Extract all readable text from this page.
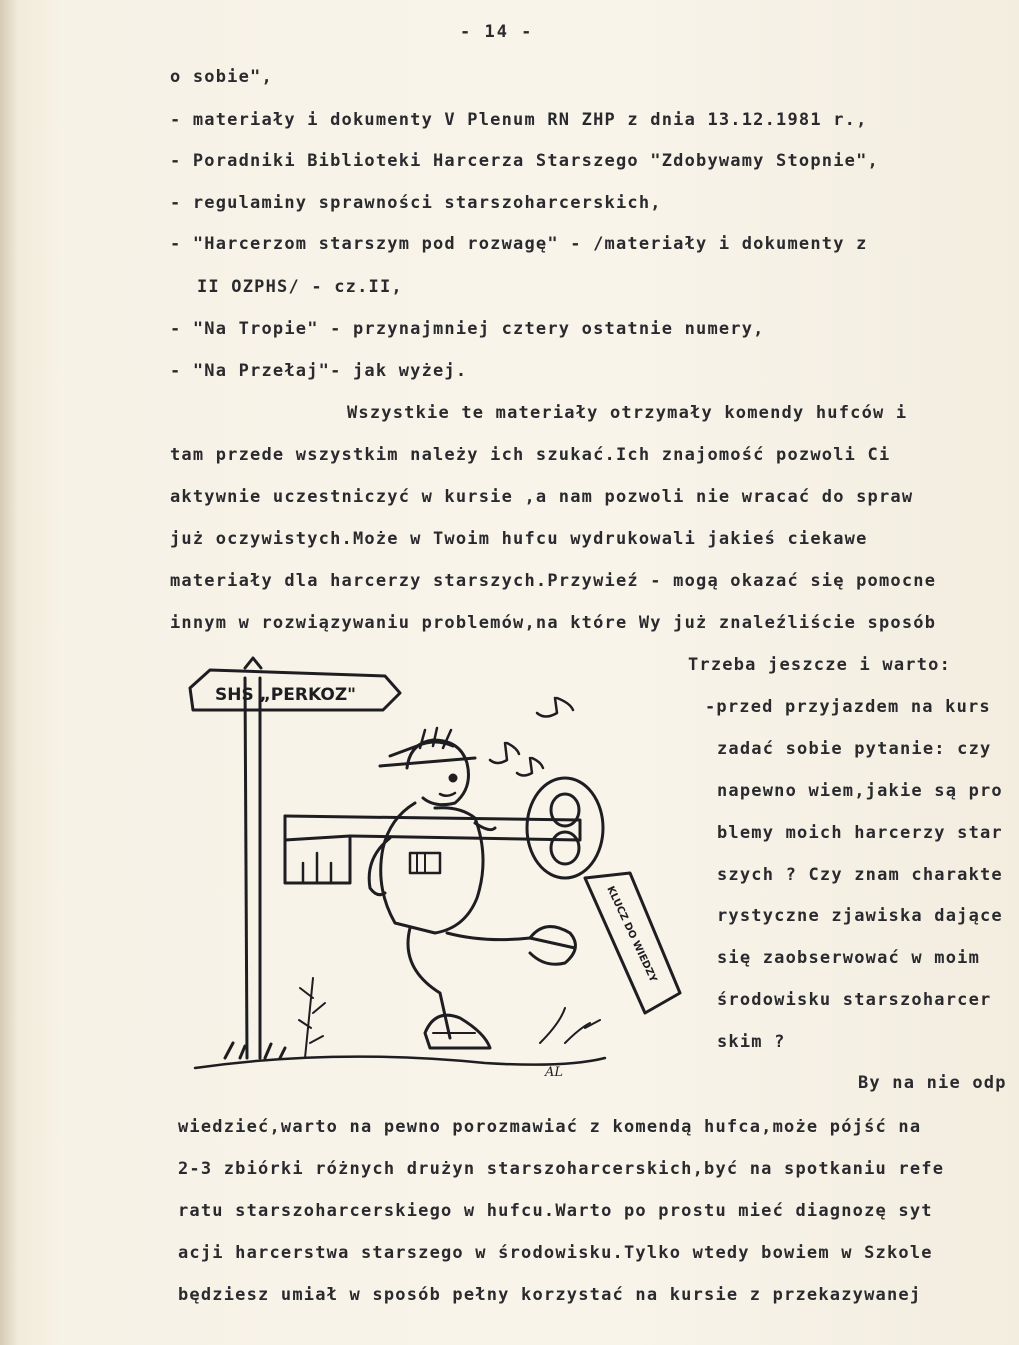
- 14 -
o sobie",
- materiały i dokumenty V Plenum RN ZHP z dnia 13.12.1981 r.,
- Poradniki Biblioteki Harcerza Starszego "Zdobywamy Stopnie",
- regulaminy sprawności starszoharcerskich,
- "Harcerzom starszym pod rozwagę" - /materiały i dokumenty z
II OZPHS/ - cz.II,
- "Na Tropie" - przynajmniej cztery ostatnie numery,
- "Na Przełaj"- jak wyżej.
Wszystkie te materiały otrzymały komendy hufców i
tam przede wszystkim należy ich szukać.Ich znajomość pozwoli Ci
aktywnie uczestniczyć w kursie ,a nam pozwoli nie wracać do spraw
już oczywistych.Może w Twoim hufcu wydrukowali jakieś ciekawe
materiały dla harcerzy starszych.Przywieź - mogą okazać się pomocne
innym w rozwiązywaniu problemów,na które Wy już znaleźliście sposób
Trzeba jeszcze i warto:
-przed przyjazdem na kurs
zadać sobie pytanie: czy
napewno wiem,jakie są pro
blemy moich harcerzy star
szych ? Czy znam charakte
rystyczne zjawiska dające
się zaobserwować w moim
środowisku starszoharcer
skim ?
By na nie odp
wiedzieć,warto na pewno porozmawiać z komendą hufca,może pójść na
2-3 zbiórki różnych drużyn starszoharcerskich,być na spotkaniu refe
ratu starszoharcerskiego w hufcu.Warto po prostu mieć diagnozę syt
acji harcerstwa starszego w środowisku.Tylko wtedy bowiem w Szkole
będziesz umiał w sposób pełny korzystać na kursie z przekazywanej
SHS „PERKOZ"
KLUCZ DO WIEDZY
AL
